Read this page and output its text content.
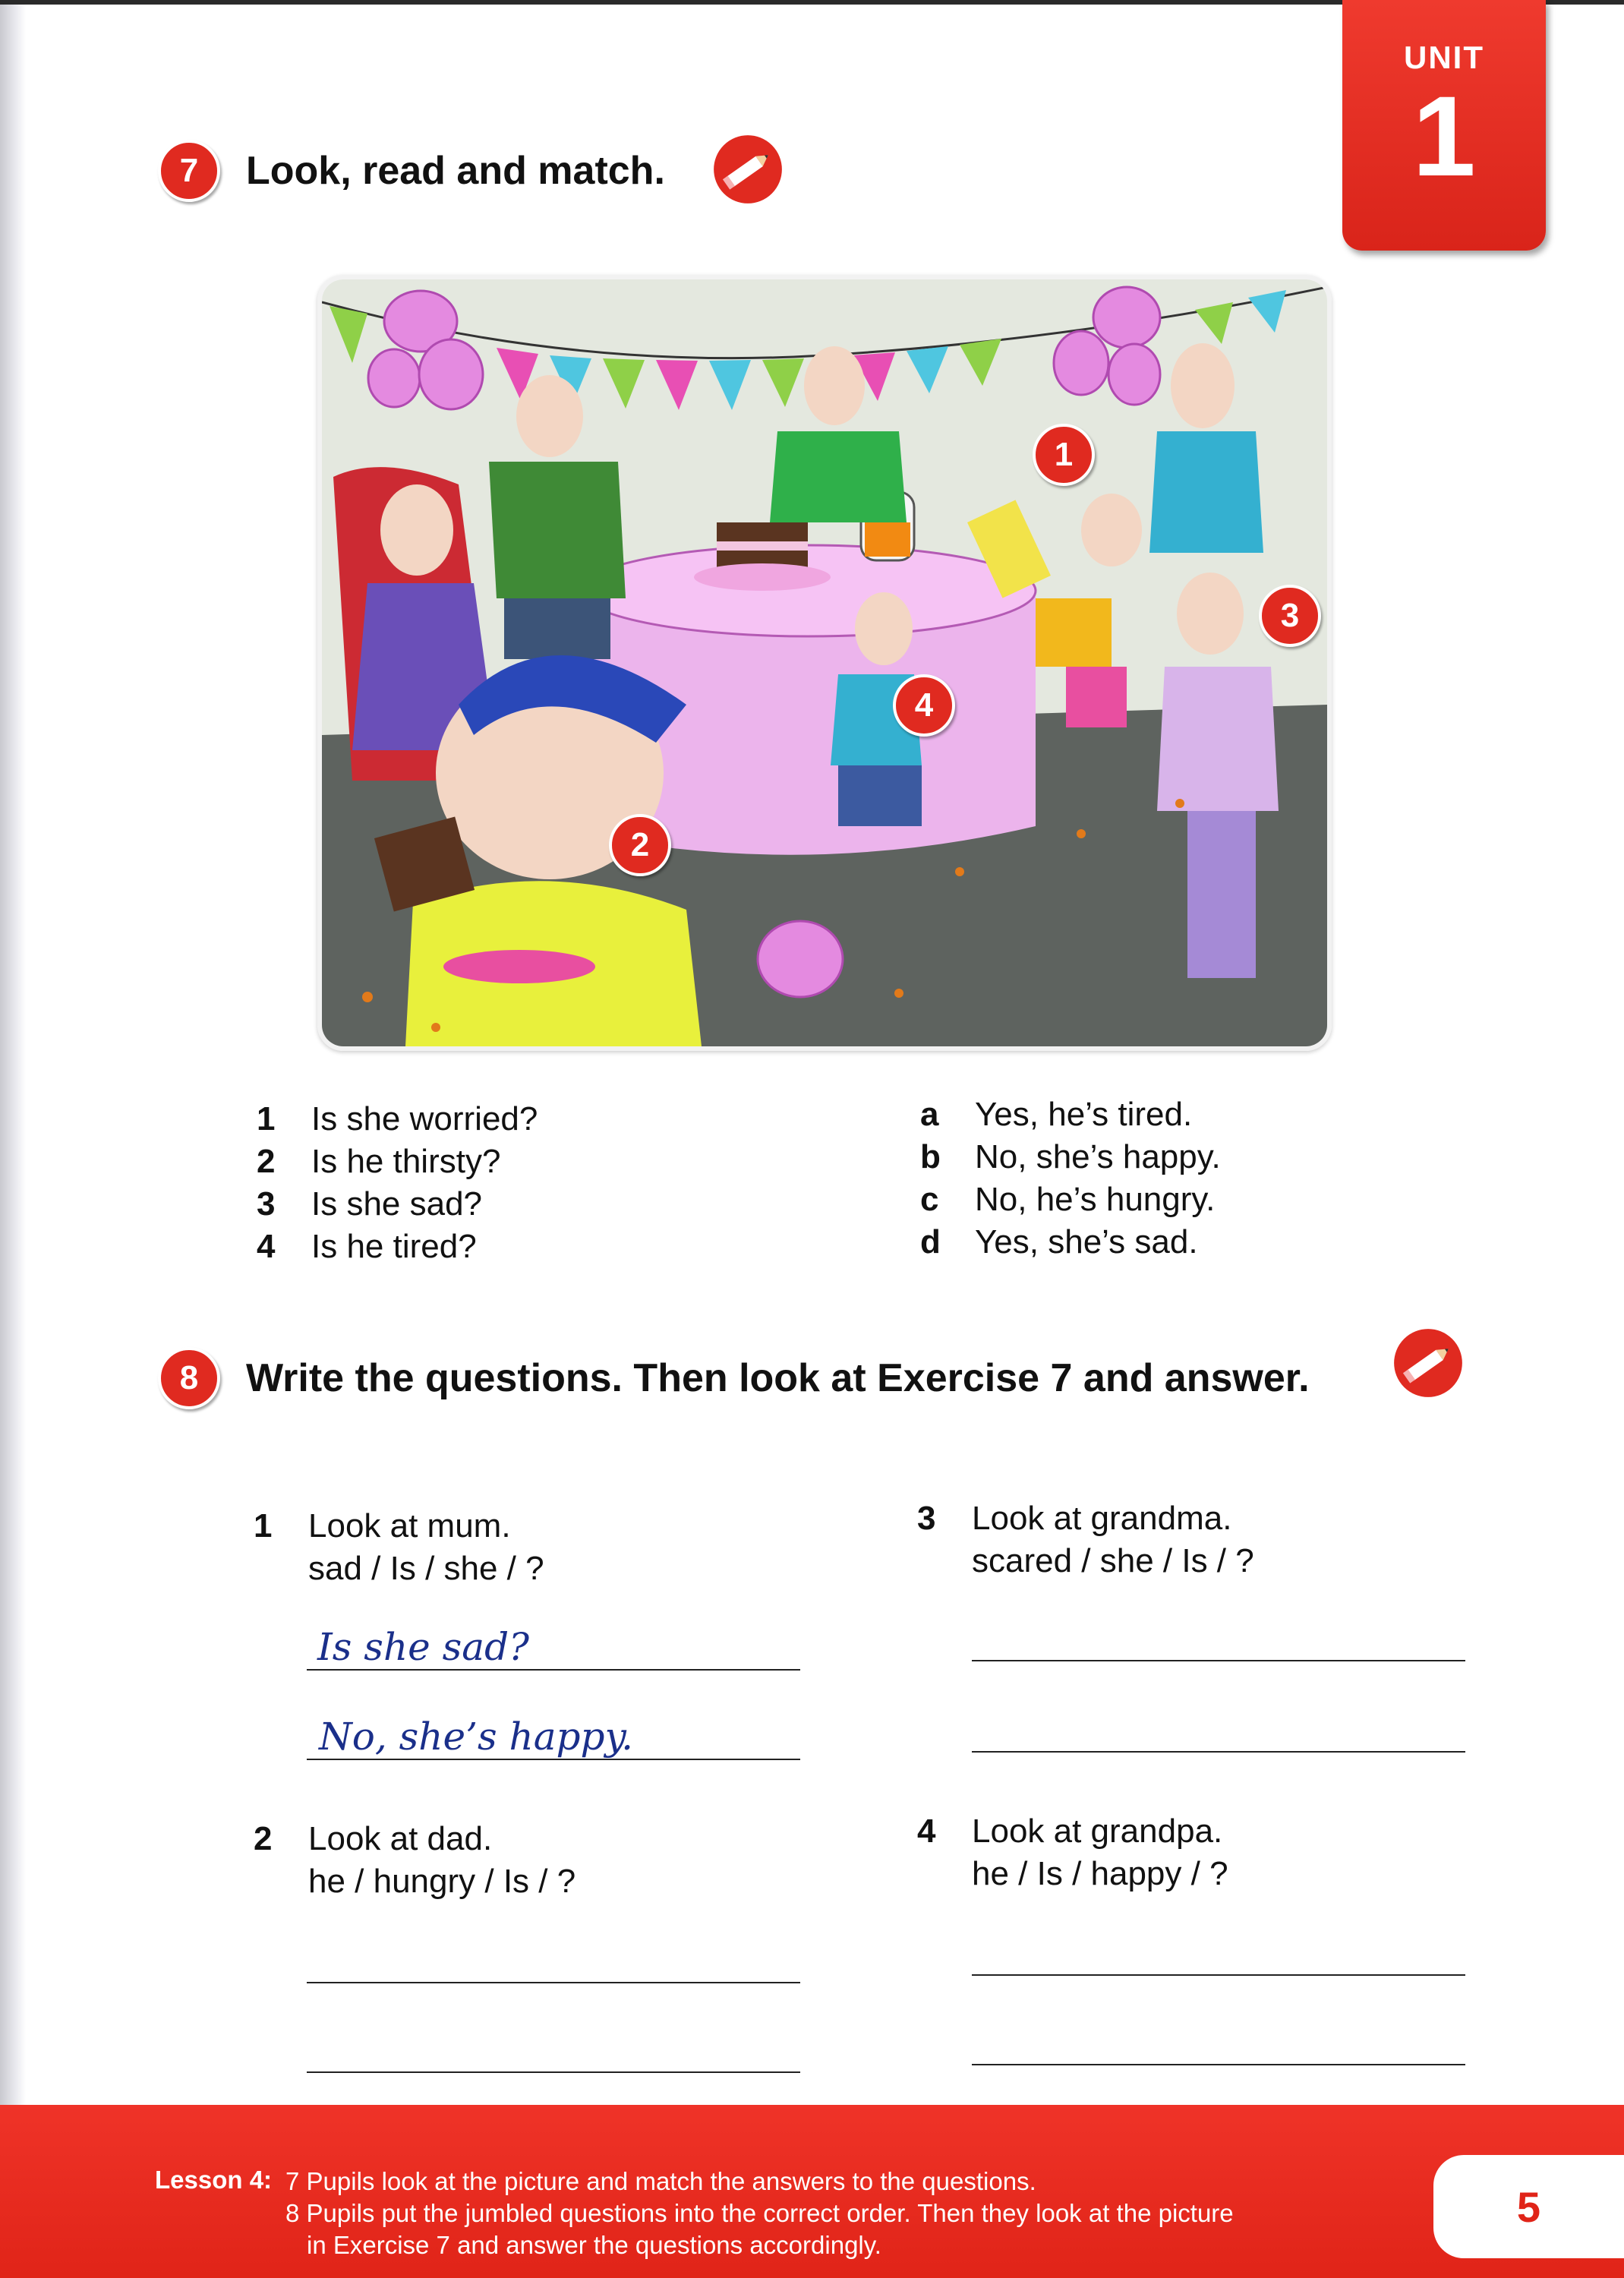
UNIT
1
7	Look, read and match.
1
2
3
4
1	Is she worried?
2	Is he thirsty?
3	Is she sad?
4	Is he tired?
a	Yes, he’s tired.
b	No, she’s happy.
c	No, he’s hungry.
d	Yes, she’s sad.
8	Write the questions. Then look at Exercise 7 and answer.
1 Look at mum.
sad / Is / she / ?
Is she sad?
No, she’s happy.
2 Look at dad.
he / hungry / Is / ?
3 Look at grandma.
scared / she / Is / ?
4 Look at grandpa.
he / Is / happy / ?
Lesson 4: 7 Pupils look at the picture and match the answers to the questions.
8 Pupils put the jumbled questions into the correct order. Then they look at the picture
in Exercise 7 and answer the questions accordingly.
5
